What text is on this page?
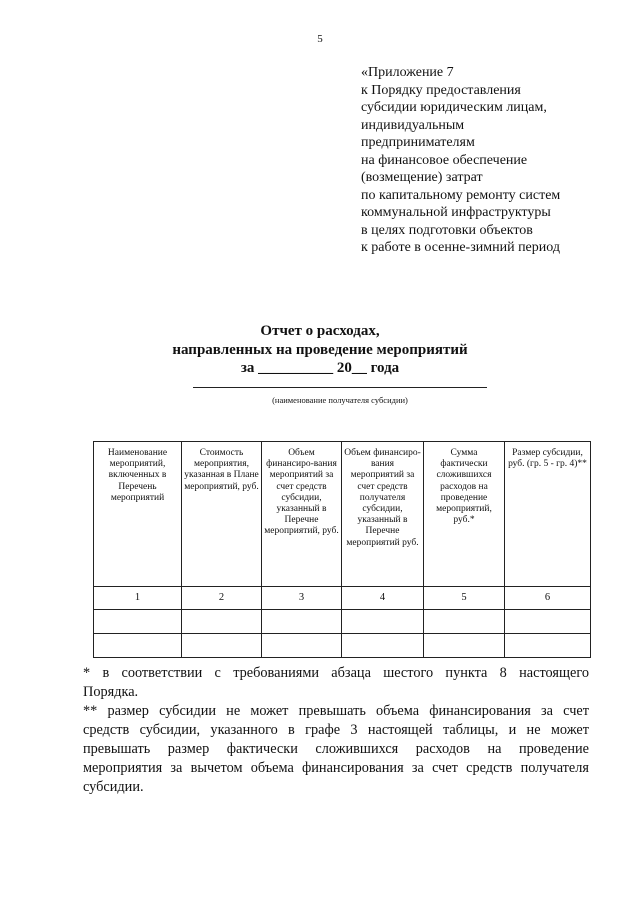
5
«Приложение 7
к Порядку предоставления
субсидии юридическим лицам,
индивидуальным
предпринимателям
на финансовое обеспечение
(возмещение) затрат
по капитальному ремонту систем
коммунальной инфраструктуры
в целях подготовки объектов
к работе в осенне-зимний период
Отчет о расходах,
направленных на проведение мероприятий
за __________ 20__ года
(наименование получателя субсидии)
Наименование мероприятий, включенных в Перечень мероприятий	Стоимость мероприятия, указанная в Плане мероприятий, руб.	Объем финансиро-вания мероприятий за счет средств субсидии, указанный в Перечне мероприятий, руб.	Объем финансиро-вания мероприятий за счет средств получателя субсидии, указанный в Перечне мероприятий руб.	Сумма фактически сложившихся расходов на проведение мероприятий, руб.*	Размер субсидии, руб. (гр. 5 - гр. 4)**
1	2	3	4	5	6

* в соответствии с требованиями абзаца шестого пункта 8 настоящего
Порядка.
** размер субсидии не может превышать объема финансирования за счет
средств субсидии, указанного в графе 3 настоящей таблицы, и не может
превышать размер фактически сложившихся расходов на проведение
мероприятия за вычетом объема финансирования за счет средств получателя
субсидии.
